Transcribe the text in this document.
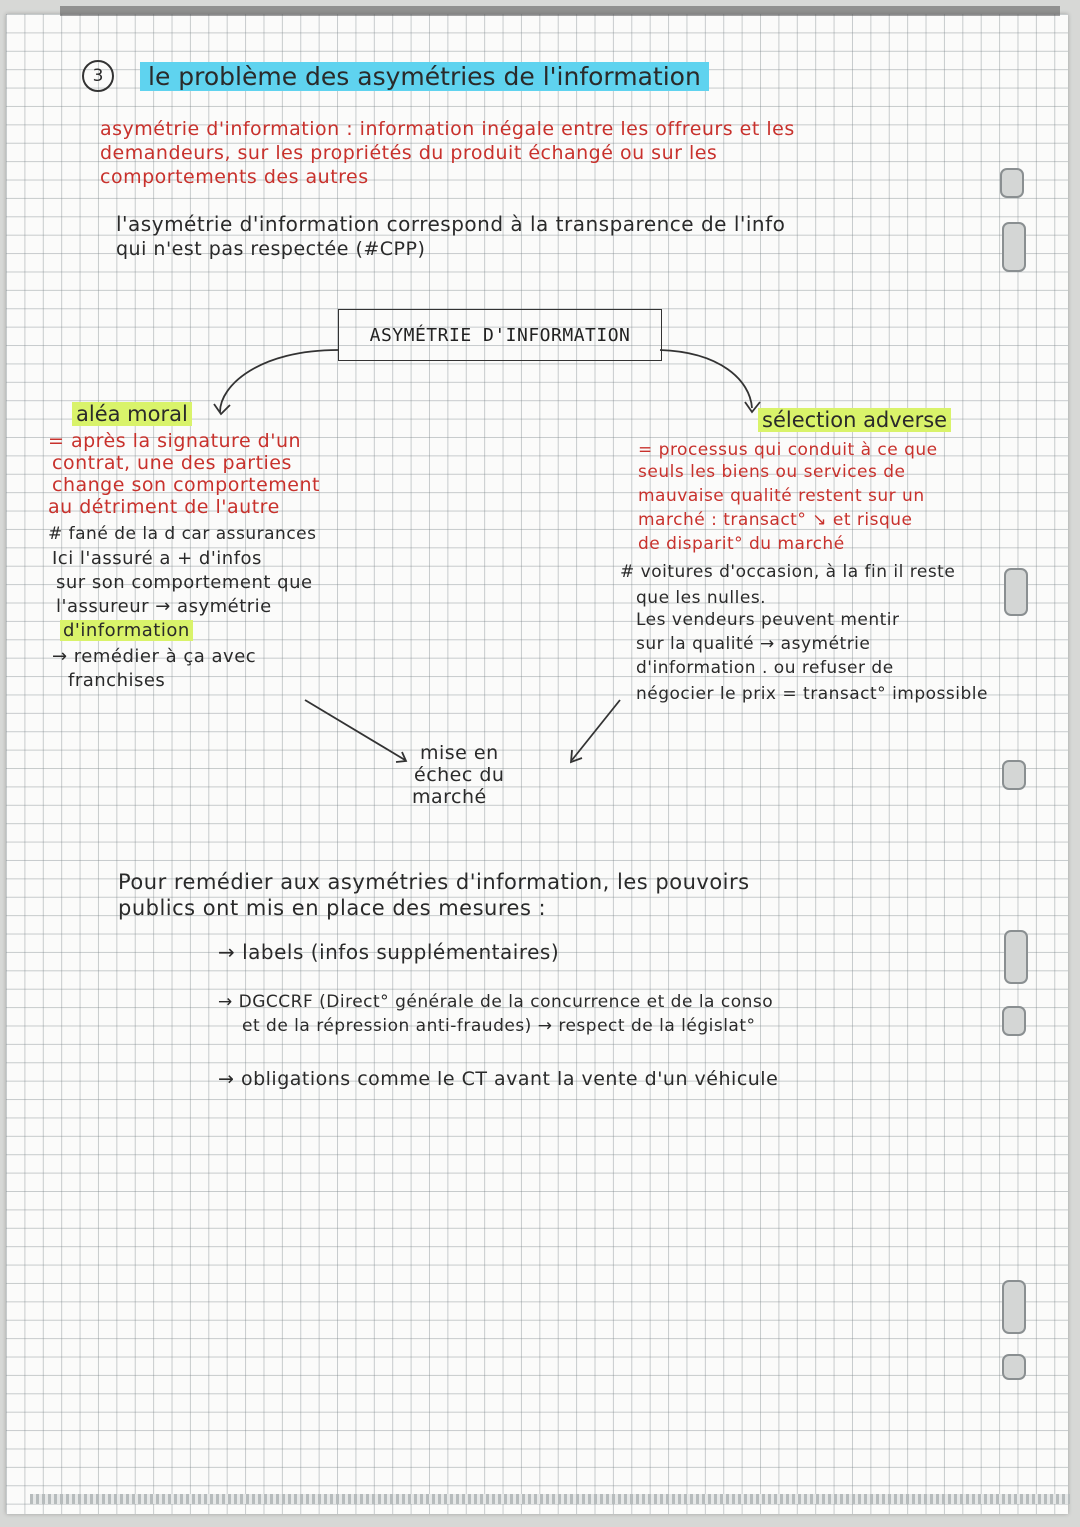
3	le problème des asymétries de l'information
asymétrie d'information : information inégale entre les offreurs et les
demandeurs, sur les propriétés du produit échangé ou sur les
comportements des autres
l'asymétrie d'information correspond à la transparence de l'info
qui n'est pas respectée (#CPP)
ASYMÉTRIE D'INFORMATION
aléa moral
= après la signature d'un
contrat, une des parties
change son comportement
au détriment de l'autre
# fané de la d car assurances
Ici l'assuré a + d'infos
sur son comportement que
l'assureur → asymétrie
d'information
→ remédier à ça avec
franchises
sélection adverse
= processus qui conduit à ce que
seuls les biens ou services de
mauvaise qualité restent sur un
marché : transact° ↘ et risque
de disparit° du marché
# voitures d'occasion, à la fin il reste
que les nulles.
Les vendeurs peuvent mentir
sur la qualité → asymétrie
d'information . ou refuser de
négocier le prix = transact° impossible
mise en
échec du
marché
Pour remédier aux asymétries d'information, les pouvoirs
publics ont mis en place des mesures :
→ labels (infos supplémentaires)
→ DGCCRF (Direct° générale de la concurrence et de la conso
et de la répression anti-fraudes) → respect de la législat°
→ obligations comme le CT avant la vente d'un véhicule
